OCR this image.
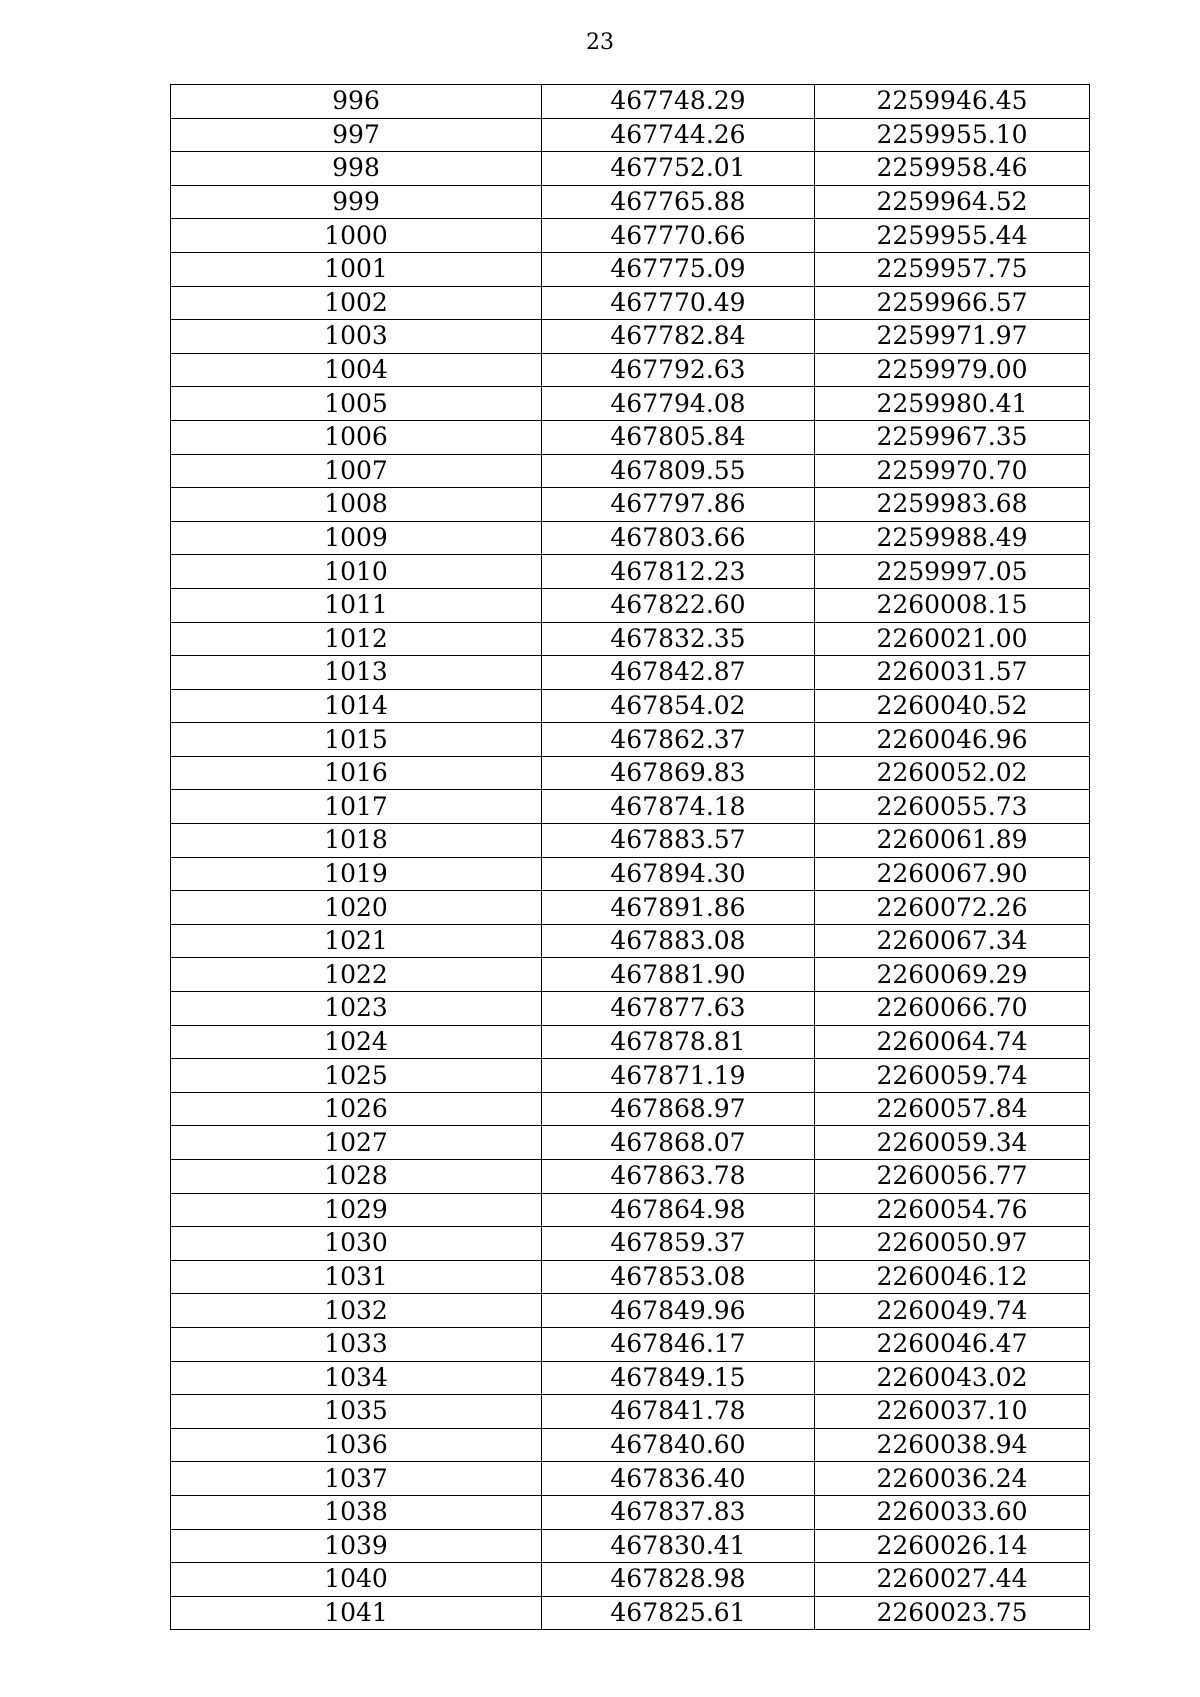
23
996	467748.29	2259946.45
997	467744.26	2259955.10
998	467752.01	2259958.46
999	467765.88	2259964.52
1000	467770.66	2259955.44
1001	467775.09	2259957.75
1002	467770.49	2259966.57
1003	467782.84	2259971.97
1004	467792.63	2259979.00
1005	467794.08	2259980.41
1006	467805.84	2259967.35
1007	467809.55	2259970.70
1008	467797.86	2259983.68
1009	467803.66	2259988.49
1010	467812.23	2259997.05
1011	467822.60	2260008.15
1012	467832.35	2260021.00
1013	467842.87	2260031.57
1014	467854.02	2260040.52
1015	467862.37	2260046.96
1016	467869.83	2260052.02
1017	467874.18	2260055.73
1018	467883.57	2260061.89
1019	467894.30	2260067.90
1020	467891.86	2260072.26
1021	467883.08	2260067.34
1022	467881.90	2260069.29
1023	467877.63	2260066.70
1024	467878.81	2260064.74
1025	467871.19	2260059.74
1026	467868.97	2260057.84
1027	467868.07	2260059.34
1028	467863.78	2260056.77
1029	467864.98	2260054.76
1030	467859.37	2260050.97
1031	467853.08	2260046.12
1032	467849.96	2260049.74
1033	467846.17	2260046.47
1034	467849.15	2260043.02
1035	467841.78	2260037.10
1036	467840.60	2260038.94
1037	467836.40	2260036.24
1038	467837.83	2260033.60
1039	467830.41	2260026.14
1040	467828.98	2260027.44
1041	467825.61	2260023.75
